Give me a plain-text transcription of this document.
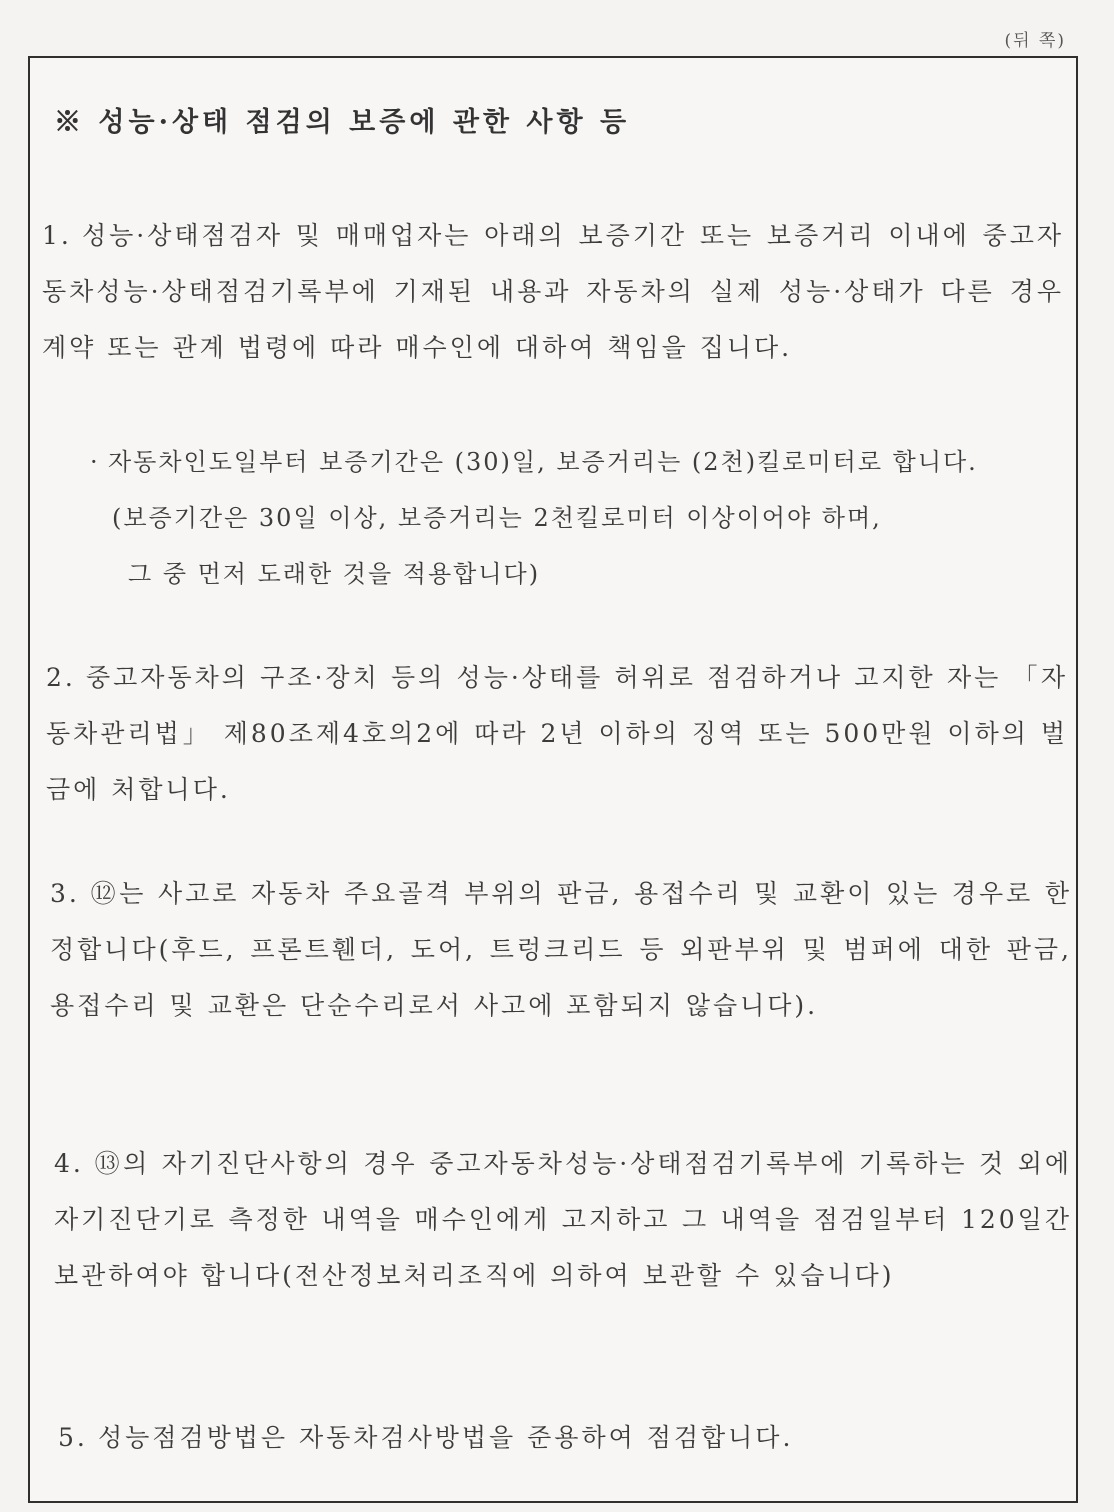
(뒤 쪽)
※ 성능·상태 점검의 보증에 관한 사항 등
1. 성능·상태점검자 및 매매업자는 아래의 보증기간 또는 보증거리 이내에 중고자동차성능·상태점검기록부에 기재된 내용과 자동차의 실제 성능·상태가 다른 경우 계약 또는 관계 법령에 따라 매수인에 대하여 책임을 집니다.
· 자동차인도일부터 보증기간은 (30)일, 보증거리는 (2천)킬로미터로 합니다.
(보증기간은 30일 이상, 보증거리는 2천킬로미터 이상이어야 하며,
그 중 먼저 도래한 것을 적용합니다)
2. 중고자동차의 구조·장치 등의 성능·상태를 허위로 점검하거나 고지한 자는 「자동차관리법」 제80조제4호의2에 따라 2년 이하의 징역 또는 500만원 이하의 벌금에 처합니다.
3. ⑫는 사고로 자동차 주요골격 부위의 판금, 용접수리 및 교환이 있는 경우로 한정합니다(후드, 프론트휀더, 도어, 트렁크리드 등 외판부위 및 범퍼에 대한 판금, 용접수리 및 교환은 단순수리로서 사고에 포함되지 않습니다).
4. ⑬의 자기진단사항의 경우 중고자동차성능·상태점검기록부에 기록하는 것 외에 자기진단기로 측정한 내역을 매수인에게 고지하고 그 내역을 점검일부터 120일간 보관하여야 합니다(전산정보처리조직에 의하여 보관할 수 있습니다)
5. 성능점검방법은 자동차검사방법을 준용하여 점검합니다.
